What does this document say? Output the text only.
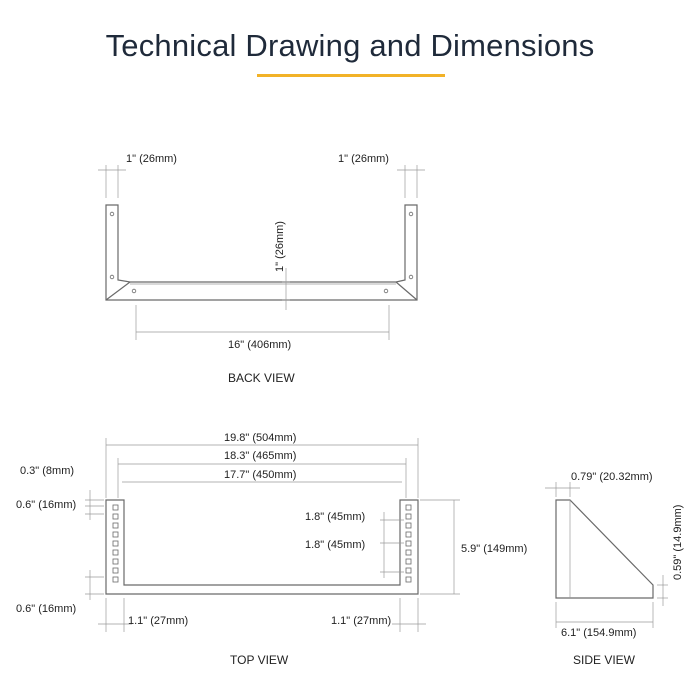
Technical Drawing and Dimensions
1" (26mm)	1" (26mm)
1" (26mm)
16" (406mm)
BACK VIEW
19.8" (504mm)
18.3" (465mm)
17.7" (450mm)
0.3" (8mm)
0.6" (16mm)
0.6" (16mm)
1.8" (45mm)
1.8" (45mm)	5.9" (149mm)
1.1" (27mm)	1.1" (27mm)
TOP VIEW
0.79" (20.32mm)
0.59" (14.9mm)
6.1" (154.9mm)
SIDE VIEW
